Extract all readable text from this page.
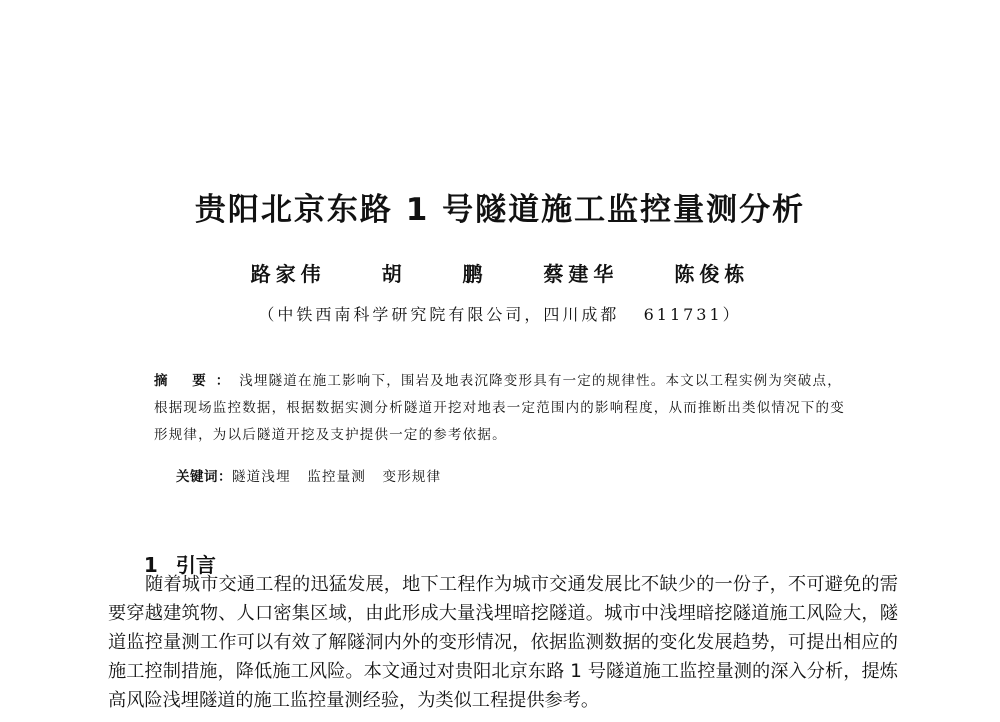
贵阳北京东路 1 号隧道施工监控量测分析
路家伟  胡  鹏  蔡建华  陈俊栋
（中铁西南科学研究院有限公司，四川成都   611731）
摘 要：浅埋隧道在施工影响下，围岩及地表沉降变形具有一定的规律性。本文以工程实例为突破点，根据现场监控数据，根据数据实测分析隧道开挖对地表一定范围内的影响程度，从而推断出类似情况下的变形规律，为以后隧道开挖及支护提供一定的参考依据。

关键词：隧道浅埋   监控量测   变形规律

1 引言

随着城市交通工程的迅猛发展，地下工程作为城市交通发展比不缺少的一份子，不可避免的需要穿越建筑物、人口密集区域，由此形成大量浅埋暗挖隧道。城市中浅埋暗挖隧道施工风险大，隧道监控量测工作可以有效了解隧洞内外的变形情况，依据监测数据的变化发展趋势，可提出相应的施工控制措施，降低施工风险。本文通过对贵阳北京东路 1 号隧道施工监控量测的深入分析，提炼高风险浅埋隧道的施工监控量测经验，为类似工程提供参考。
